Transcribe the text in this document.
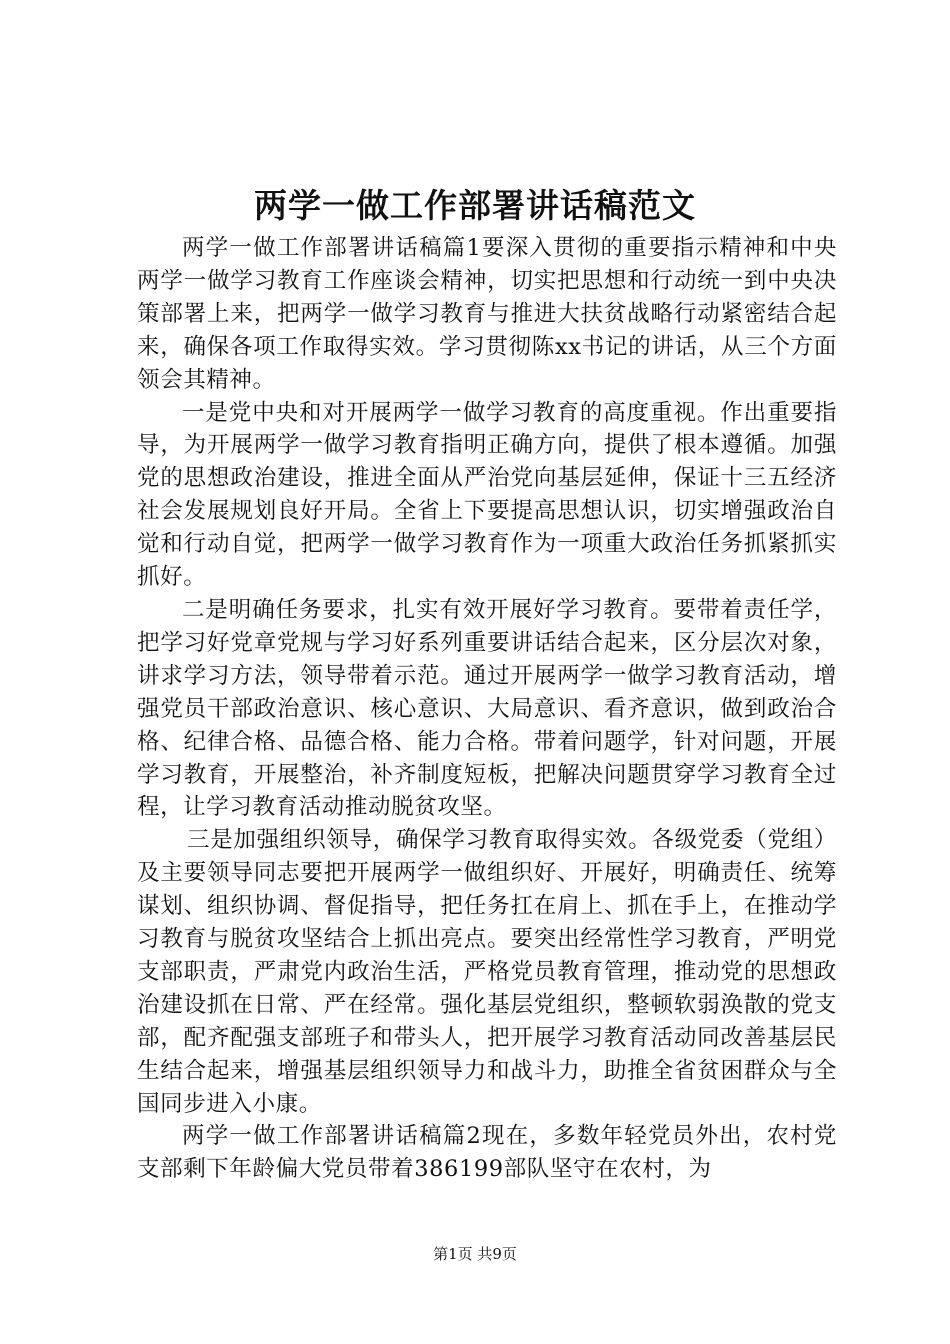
两学一做工作部署讲话稿范文

两学一做工作部署讲话稿篇1要深入贯彻的重要指示精神和中央两学一做学习教育工作座谈会精神，切实把思想和行动统一到中央决策部署上来，把两学一做学习教育与推进大扶贫战略行动紧密结合起来，确保各项工作取得实效。学习贯彻陈xx书记的讲话，从三个方面领会其精神。

一是党中央和对开展两学一做学习教育的高度重视。作出重要指导，为开展两学一做学习教育指明正确方向，提供了根本遵循。加强党的思想政治建设，推进全面从严治党向基层延伸，保证十三五经济社会发展规划良好开局。全省上下要提高思想认识，切实增强政治自觉和行动自觉，把两学一做学习教育作为一项重大政治任务抓紧抓实抓好。

二是明确任务要求，扎实有效开展好学习教育。要带着责任学，把学习好党章党规与学习好系列重要讲话结合起来，区分层次对象，讲求学习方法，领导带着示范。通过开展两学一做学习教育活动，增强党员干部政治意识、核心意识、大局意识、看齐意识，做到政治合格、纪律合格、品德合格、能力合格。带着问题学，针对问题，开展学习教育，开展整治，补齐制度短板，把解决问题贯穿学习教育全过程，让学习教育活动推动脱贫攻坚。

三是加强组织领导，确保学习教育取得实效。各级党委（党组）及主要领导同志要把开展两学一做组织好、开展好，明确责任、统筹谋划、组织协调、督促指导，把任务扛在肩上、抓在手上，在推动学习教育与脱贫攻坚结合上抓出亮点。要突出经常性学习教育，严明党支部职责，严肃党内政治生活，严格党员教育管理，推动党的思想政治建设抓在日常、严在经常。强化基层党组织，整顿软弱涣散的党支部，配齐配强支部班子和带头人，把开展学习教育活动同改善基层民生结合起来，增强基层组织领导力和战斗力，助推全省贫困群众与全国同步进入小康。

两学一做工作部署讲话稿篇2现在，多数年轻党员外出，农村党支部剩下年龄偏大党员带着386199部队坚守在农村，为

第1页 共9页
